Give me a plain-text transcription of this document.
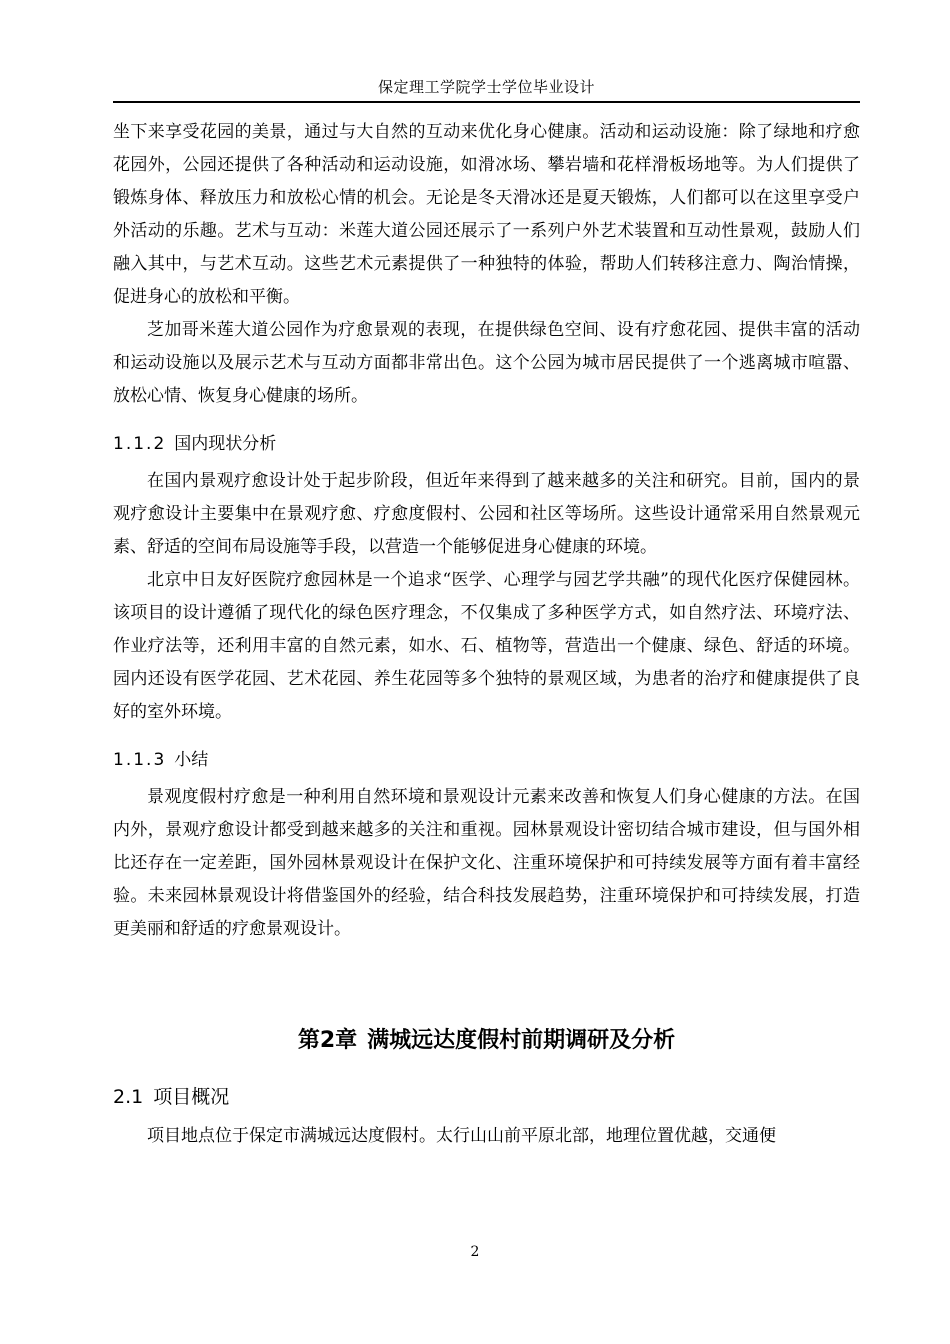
保定理工学院学士学位毕业设计

坐下来享受花园的美景，通过与大自然的互动来优化身心健康。活动和运动设施：除了绿地和疗愈花园外，公园还提供了各种活动和运动设施，如滑冰场、攀岩墙和花样滑板场地等。为人们提供了锻炼身体、释放压力和放松心情的机会。无论是冬天滑冰还是夏天锻炼，人们都可以在这里享受户外活动的乐趣。艺术与互动：米莲大道公园还展示了一系列户外艺术装置和互动性景观，鼓励人们融入其中，与艺术互动。这些艺术元素提供了一种独特的体验，帮助人们转移注意力、陶治情操，促进身心的放松和平衡。

芝加哥米莲大道公园作为疗愈景观的表现，在提供绿色空间、设有疗愈花园、提供丰富的活动和运动设施以及展示艺术与互动方面都非常出色。这个公园为城市居民提供了一个逃离城市喧嚣、放松心情、恢复身心健康的场所。

1.1.2 国内现状分析

在国内景观疗愈设计处于起步阶段，但近年来得到了越来越多的关注和研究。目前，国内的景观疗愈设计主要集中在景观疗愈、疗愈度假村、公园和社区等场所。这些设计通常采用自然景观元素、舒适的空间布局设施等手段，以营造一个能够促进身心健康的环境。

北京中日友好医院疗愈园林是一个追求“医学、心理学与园艺学共融”的现代化医疗保健园林。该项目的设计遵循了现代化的绿色医疗理念，不仅集成了多种医学方式，如自然疗法、环境疗法、作业疗法等，还利用丰富的自然元素，如水、石、植物等，营造出一个健康、绿色、舒适的环境。园内还设有医学花园、艺术花园、养生花园等多个独特的景观区域，为患者的治疗和健康提供了良好的室外环境。

1.1.3 小结

景观度假村疗愈是一种利用自然环境和景观设计元素来改善和恢复人们身心健康的方法。在国内外，景观疗愈设计都受到越来越多的关注和重视。园林景观设计密切结合城市建设，但与国外相比还存在一定差距，国外园林景观设计在保护文化、注重环境保护和可持续发展等方面有着丰富经验。未来园林景观设计将借鉴国外的经验，结合科技发展趋势，注重环境保护和可持续发展，打造更美丽和舒适的疗愈景观设计。

第2章 满城远达度假村前期调研及分析
2.1 项目概况

项目地点位于保定市满城远达度假村。太行山山前平原北部，地理位置优越，交通便

2
